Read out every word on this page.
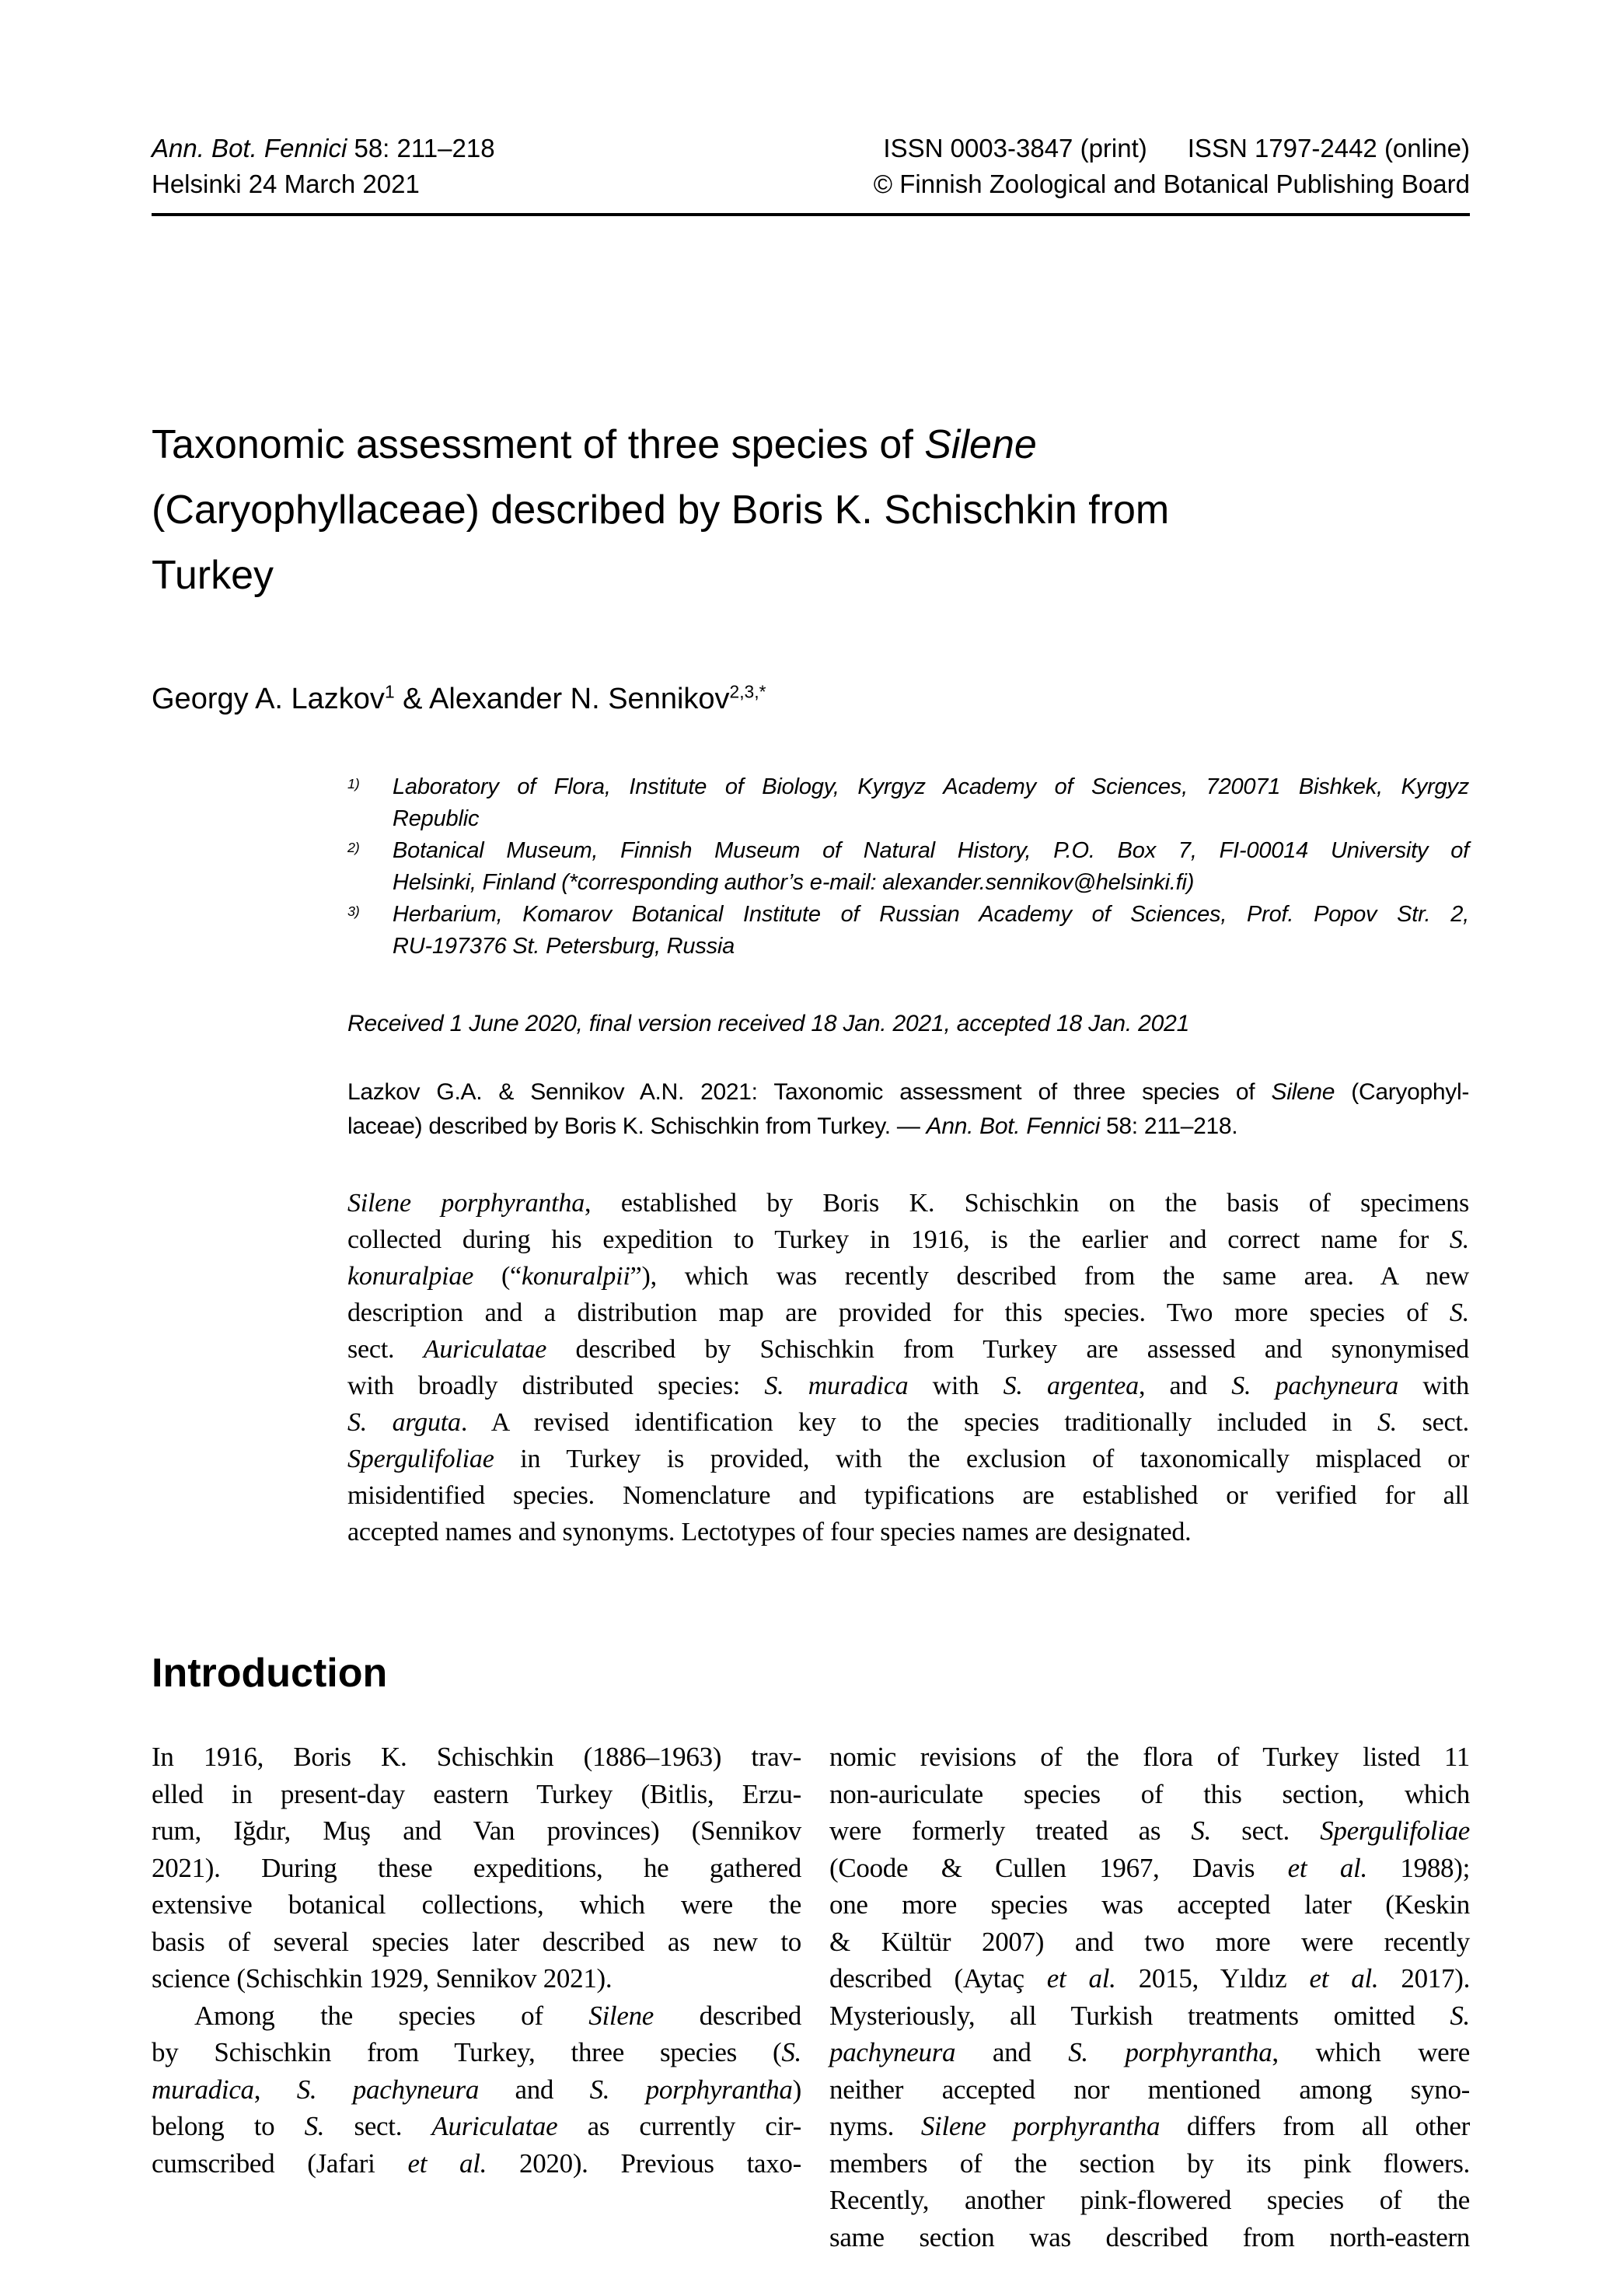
Ann. Bot. Fennici 58: 211–218	ISSN 0003-3847 (print) ISSN 1797-2442 (online)
Helsinki 24 March 2021	© Finnish Zoological and Botanical Publishing Board
Taxonomic assessment of three species of Silene
(Caryophyllaceae) described by Boris K. Schischkin from
Turkey
Georgy A. Lazkov$^1$ & Alexander N. Sennikov$^{2,3,*}$
1) Laboratory of Flora, Institute of Biology, Kyrgyz Academy of Sciences, 720071 Bishkek, Kyrgyz
Republic
2) Botanical Museum, Finnish Museum of Natural History, P.O. Box 7, FI-00014 University of
Helsinki, Finland (*corresponding author’s e-mail: alexander.sennikov@helsinki.fi)
3) Herbarium, Komarov Botanical Institute of Russian Academy of Sciences, Prof. Popov Str. 2,
RU-197376 St. Petersburg, Russia
Received 1 June 2020, final version received 18 Jan. 2021, accepted 18 Jan. 2021
Lazkov G.A. & Sennikov A.N. 2021: Taxonomic assessment of three species of Silene (Caryophyl-
laceae) described by Boris K. Schischkin from Turkey. — Ann. Bot. Fennici 58: 211–218.
Silene porphyrantha, established by Boris K. Schischkin on the basis of specimens
collected during his expedition to Turkey in 1916, is the earlier and correct name for S.
konuralpiae (“konuralpii”), which was recently described from the same area. A new
description and a distribution map are provided for this species. Two more species of S.
sect. Auriculatae described by Schischkin from Turkey are assessed and synonymised
with broadly distributed species: S. muradica with S. argentea, and S. pachyneura with
S. arguta. A revised identification key to the species traditionally included in S. sect.
Spergulifoliae in Turkey is provided, with the exclusion of taxonomically misplaced or
misidentified species. Nomenclature and typifications are established or verified for all
accepted names and synonyms. Lectotypes of four species names are designated.
Introduction
In 1916, Boris K. Schischkin (1886–1963) trav-
elled in present-day eastern Turkey (Bitlis, Erzu-
rum, Iğdır, Muş and Van provinces) (Sennikov
2021). During these expeditions, he gathered
extensive botanical collections, which were the
basis of several species later described as new to
science (Schischkin 1929, Sennikov 2021).
Among the species of Silene described
by Schischkin from Turkey, three species (S.
muradica, S. pachyneura and S. porphyrantha)
belong to S. sect. Auriculatae as currently cir-
cumscribed (Jafari et al. 2020). Previous taxo-
nomic revisions of the flora of Turkey listed 11
non-auriculate species of this section, which
were formerly treated as S. sect. Spergulifoliae
(Coode & Cullen 1967, Davis et al. 1988);
one more species was accepted later (Keskin
& Kültür 2007) and two more were recently
described (Aytaç et al. 2015, Yıldız et al. 2017).
Mysteriously, all Turkish treatments omitted S.
pachyneura and S. porphyrantha, which were
neither accepted nor mentioned among syno-
nyms. Silene porphyrantha differs from all other
members of the section by its pink flowers.
Recently, another pink-flowered species of the
same section was described from north-eastern
